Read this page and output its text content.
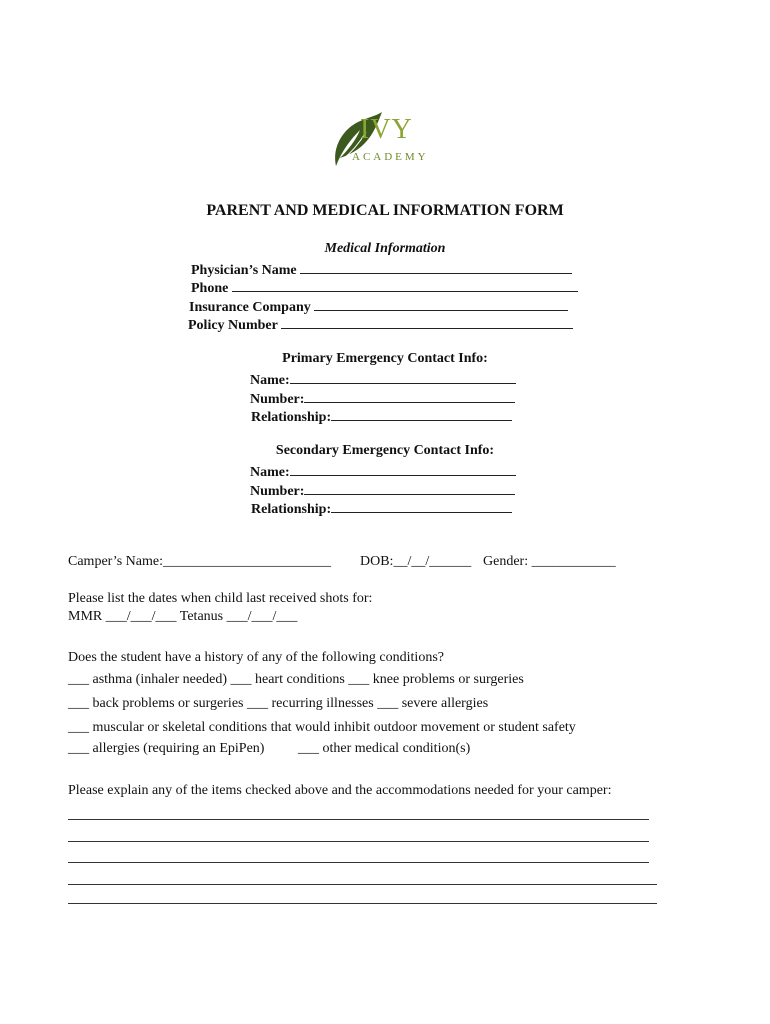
IVY
ACADEMY
PARENT AND MEDICAL INFORMATION FORM
Medical Information
Physician’s Name
Phone
Insurance Company
Policy Number
Primary Emergency Contact Info:
Name:
Number:
Relationship:
Secondary Emergency Contact Info:
Name:
Number:
Relationship:
Camper’s Name:________________________ DOB:__/__/______ Gender: ____________
Please list the dates when child last received shots for:
MMR ___/___/___ Tetanus ___/___/___
Does the student have a history of any of the following conditions?
___ asthma (inhaler needed) ___ heart conditions ___ knee problems or surgeries
___ back problems or surgeries ___ recurring illnesses ___ severe allergies
___ muscular or skeletal conditions that would inhibit outdoor movement or student safety
___ allergies (requiring an EpiPen) ___ other medical condition(s)
Please explain any of the items checked above and the accommodations needed for your camper:
